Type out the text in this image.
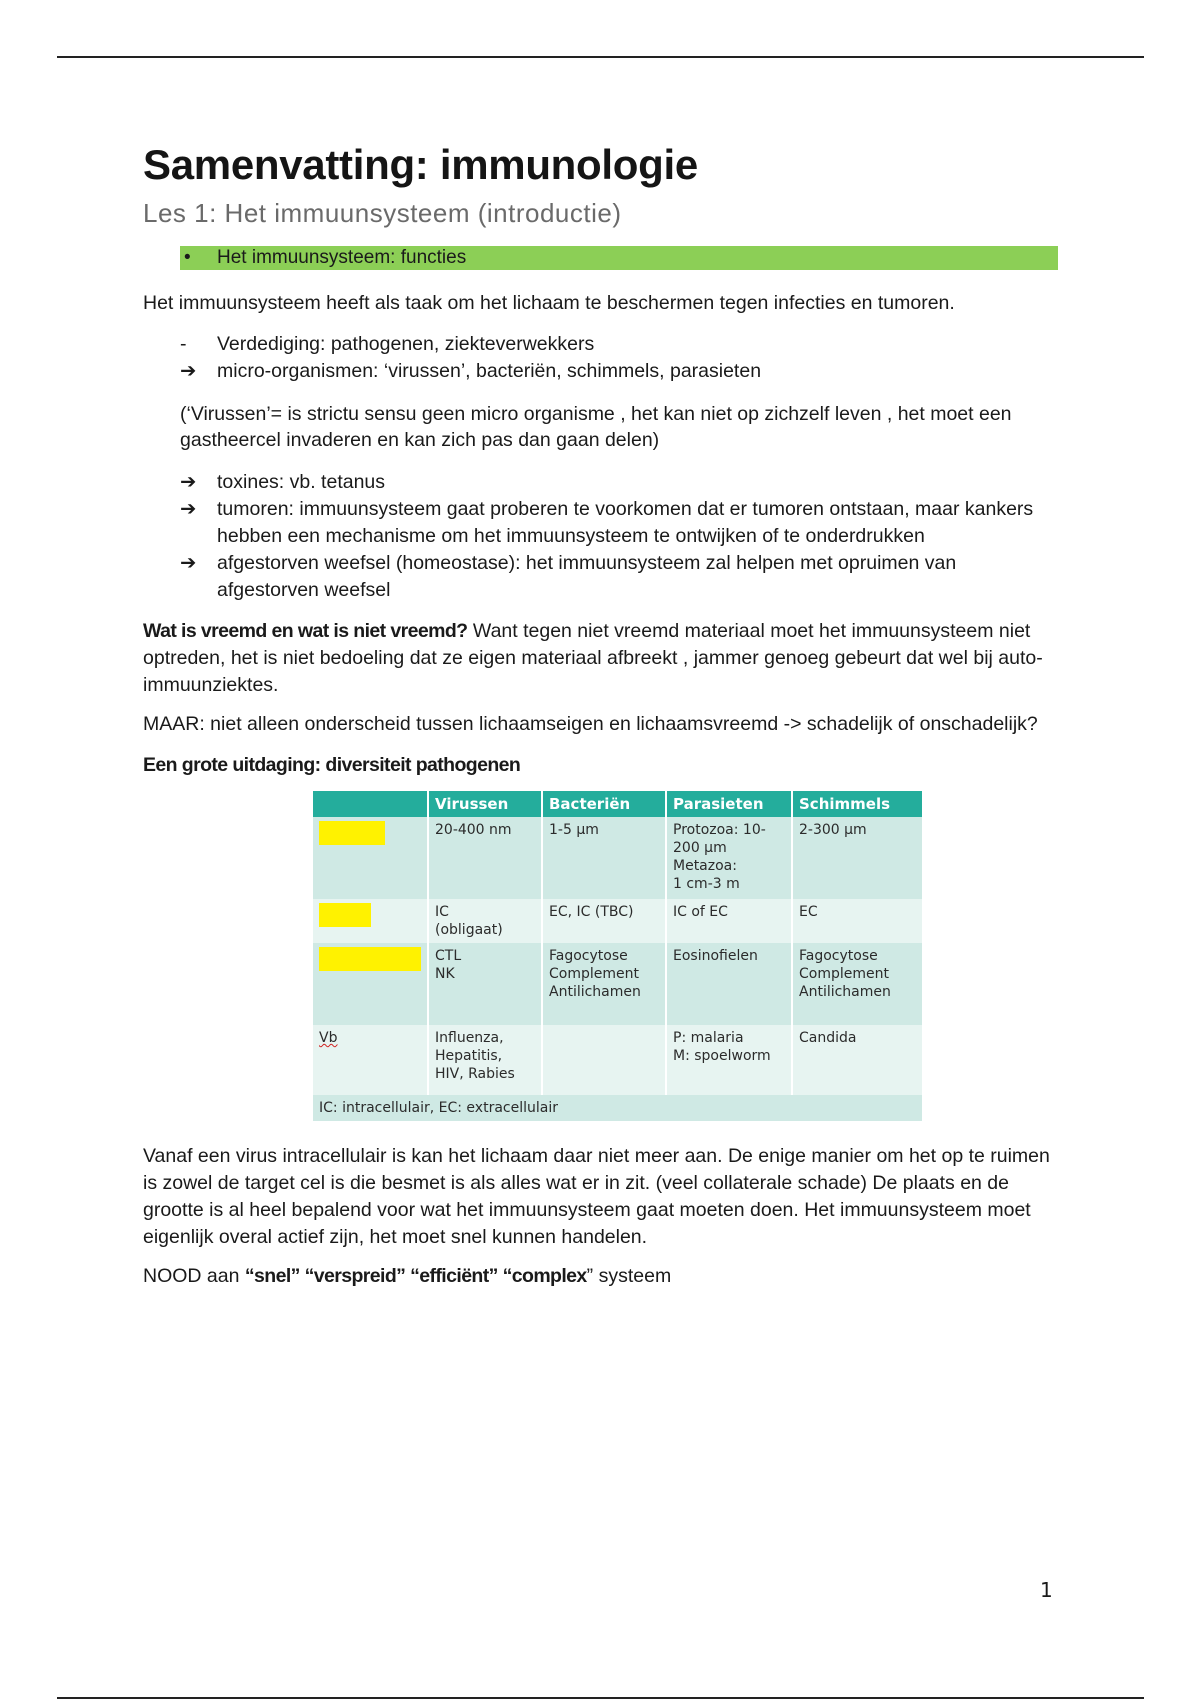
Samenvatting: immunologie
Les 1: Het immuunsysteem (introductie)
• Het immuunsysteem: functies

Het immuunsysteem heeft als taak om het lichaam te beschermen tegen infecties en tumoren.

-	Verdediging: pathogenen, ziekteverwekkers
➔	micro-organismen: ‘virussen’, bacteriën, schimmels, parasieten
(‘Virussen’= is strictu sensu geen micro organisme , het kan niet op zichzelf leven , het moet een gastheercel invaderen en kan zich pas dan gaan delen)
➔	toxines: vb. tetanus
➔	tumoren: immuunsysteem gaat proberen te voorkomen dat er tumoren ontstaan, maar kankers hebben een mechanisme om het immuunsysteem te ontwijken of te onderdrukken
➔	afgestorven weefsel (homeostase): het immuunsysteem zal helpen met opruimen van afgestorven weefsel

Wat is vreemd en wat is niet vreemd? Want tegen niet vreemd materiaal moet het immuunsysteem niet optreden, het is niet bedoeling dat ze eigen materiaal afbreekt , jammer genoeg gebeurt dat wel bij auto-immuunziektes.

MAAR: niet alleen onderscheid tussen lichaamseigen en lichaamsvreemd -> schadelijk of onschadelijk?

Een grote uitdaging: diversiteit pathogenen
	Virussen	Bacteriën	Parasieten	Schimmels
	20-400 nm	1-5 µm	Protozoa: 10-
200 µm
Metazoa:
1 cm-3 m	2-300 µm
	IC
(obligaat)	EC, IC (TBC)	IC of EC	EC
	CTL
NK	Fagocytose
Complement
Antilichamen	Eosinofielen	Fagocytose
Complement
Antilichamen
Vb	Influenza,
Hepatitis,
HIV, Rabies		P: malaria
M: spoelworm	Candida
IC: intracellulair, EC: extracellulair				

Vanaf een virus intracellulair is kan het lichaam daar niet meer aan. De enige manier om het op te ruimen is zowel de target cel is die besmet is als alles wat er in zit. (veel collaterale schade) De plaats en de grootte is al heel bepalend voor wat het immuunsysteem gaat moeten doen. Het immuunsysteem moet eigenlijk overal actief zijn, het moet snel kunnen handelen.

NOOD aan “snel” “verspreid” “efficiënt” “complex” systeem

1
